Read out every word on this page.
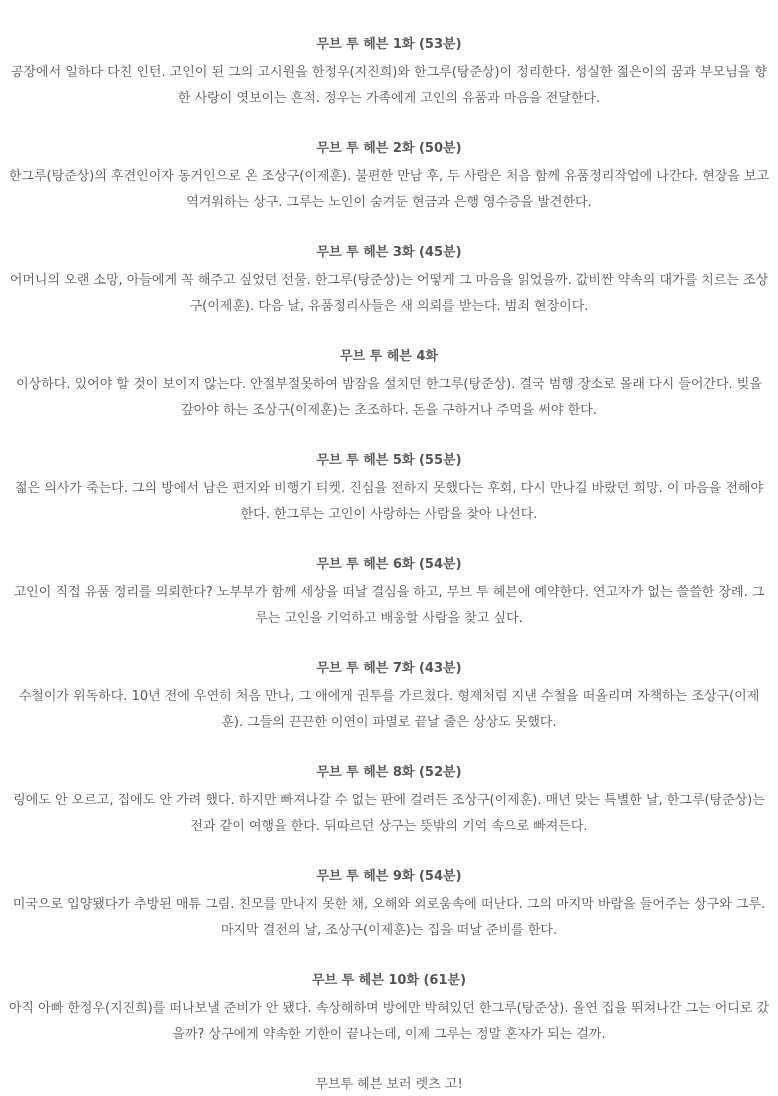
무브 투 헤븐 1화 (53분)

공장에서 일하다 다친 인턴. 고인이 된 그의 고시원을 한정우(지진희)와 한그루(탕준상)이 정리한다. 성실한 젊은이의 꿈과 부모님을 향한 사랑이 엿보이는 흔적. 정우는 가족에게 고인의 유품과 마음을 전달한다.

무브 투 헤븐 2화 (50분)

한그루(탕준상)의 후견인이자 동거인으로 온 조상구(이제훈). 불편한 만남 후, 두 사람은 처음 함께 유품정리작업에 나간다. 현장을 보고 역겨워하는 상구. 그루는 노인이 숨겨둔 현금과 은행 영수증을 발견한다.

무브 투 헤븐 3화 (45분)

어머니의 오랜 소망, 아들에게 꼭 해주고 싶었던 선물. 한그루(탕준상)는 어떻게 그 마음을 읽었을까. 값비싼 약속의 대가를 치르는 조상구(이제훈). 다음 날, 유품정리사들은 새 의뢰를 받는다. 범죄 현장이다.

무브 투 헤븐 4화

이상하다. 있어야 할 것이 보이지 않는다. 안절부절못하여 밤잠을 설치던 한그루(탕준상). 결국 범행 장소로 몰래 다시 들어간다. 빚을 갚아야 하는 조상구(이제훈)는 초조하다. 돈을 구하거나 주먹을 써야 한다.

무브 투 헤븐 5화 (55분)

젊은 의사가 죽는다. 그의 방에서 남은 편지와 비행기 티켓. 진심을 전하지 못했다는 후회, 다시 만나길 바랐던 희망. 이 마음을 전해야 한다. 한그루는 고인이 사랑하는 사람을 찾아 나선다.

무브 투 헤븐 6화 (54분)

고인이 직접 유품 정리를 의뢰한다? 노부부가 함께 세상을 떠날 결심을 하고, 무브 투 헤븐에 예약한다. 연고자가 없는 쓸쓸한 장례. 그루는 고인을 기억하고 배웅할 사람을 찾고 싶다.

무브 투 헤븐 7화 (43분)

수철이가 위독하다. 10년 전에 우연히 처음 만나, 그 애에게 권투를 가르쳤다. 형제처럼 지낸 수철을 떠올리며 자책하는 조상구(이제훈). 그들의 끈끈한 이연이 파멸로 끝날 줄은 상상도 못했다.

무브 투 헤븐 8화 (52분)

링에도 안 오르고, 집에도 안 가려 했다. 하지만 빠져나갈 수 없는 판에 걸려든 조상구(이제훈). 매년 맞는 특별한 날, 한그루(탕준상)는 전과 같이 여행을 한다. 뒤따르던 상구는 뜻밖의 기억 속으로 빠져든다.

무브 투 헤븐 9화 (54분)

미국으로 입양됐다가 추방된 매튜 그림. 친모를 만나지 못한 채, 오해와 외로움속에 떠난다. 그의 마지막 바람을 들어주는 상구와 그루. 마지막 결전의 날, 조상구(이제훈)는 집을 떠날 준비를 한다.

무브 투 헤븐 10화 (61분)

아직 아빠 한정우(지진희)를 떠나보낼 준비가 안 됐다. 속상해하며 방에만 박혀있던 한그루(탕준상). 올연 집을 뛰쳐나간 그는 어디로 갔을까? 상구에게 약속한 기한이 끝나는데, 이제 그루는 정말 혼자가 되는 걸까.

무브투 헤븐 보러 렛츠 고!
